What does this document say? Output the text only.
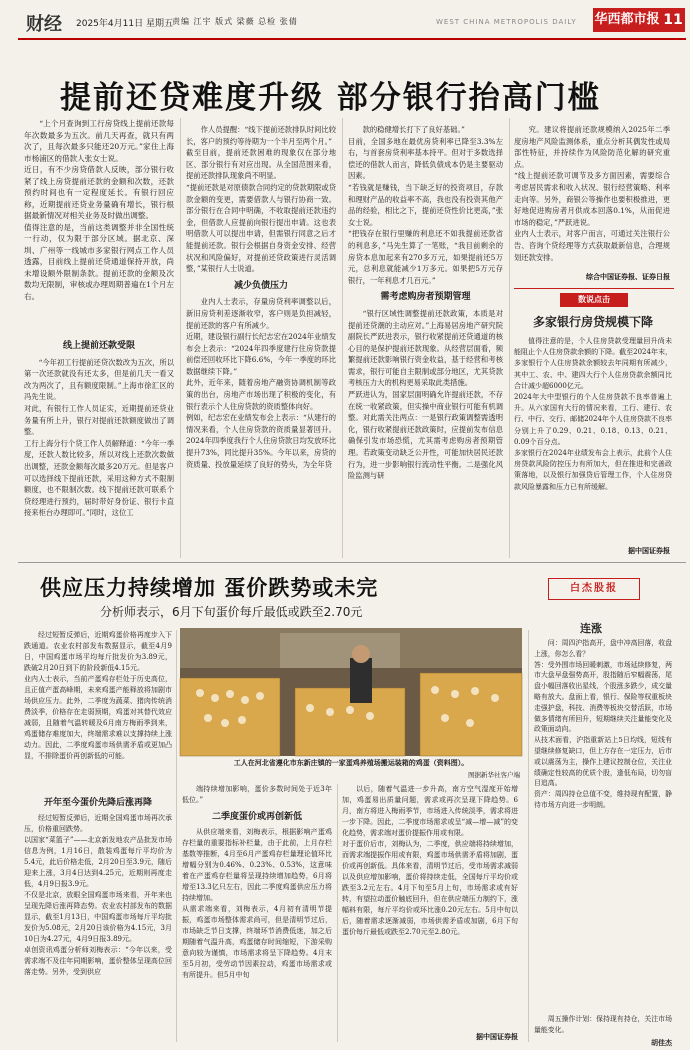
财经 2025年4月11日 星期五 责编 江宇 版式 梁薇 总检 张倩	WEST CHINA METROPOLIS DAILY 华西都市报 11
提前还贷难度升级 部分银行抬高门槛

“上个月查询到工行房贷线上提前还款每年次数最多为五次。前几天再查，就只有两次了，且每次最多只能还20万元。”家住上海市杨浦区的借款人张女士说。
近日，有不少房贷借款人反映，部分银行收紧了线上房贷提前还款的金额和次数，还款预约时间也有一定程度延长。有银行回应称，近期提前还贷业务量确有增长，银行根据最新情况对相关业务及时做出调整。
值得注意的是，当前这类调整并非全国性统一行动，仅为限于部分区域。据北京、深圳、广州等一线城市多家银行网点工作人员透露，目前线上提前还贷通道保持开放，尚未增设额外限制条款。提前还款的金额及次数均无限制，审核或办理周期普遍在1个月左右。

线上提前还款受限

“今年初工行提前还贷次数改为五次，所以第一次还款就没有还太多，但是前几天一看又改为两次了，且有额度限制。”上海市徐汇区的冯先生说。
对此，有银行工作人员证实，近期提前还贷业务量有所上升，银行对提前还款额度做出了调整。
工行上海分行个贷工作人员解释道：“今年一季度，还款人数比较多，所以对线上还款次数做出调整，还款金额每次最多20万元。但是客户可以选择线下提前还款，采用这种方式不限制额度，也不限制次数。线下提前还款可联系个贷经理进行预约，届时带好身份证、银行卡直接来柜台办理即可。”同时，这位工

作人员提醒：“线下提前还款排队时间比较长，客户的预约等待期为一个半月至两个月。”
截至目前，提前还款困难的现象仅在部分地区、部分银行有对应出现。从全国范围来看，提前还款排队现象尚不明显。
“提前还款是对原债款合同约定的贷款期限或贷款金额的变更，需要借款人与银行协商一致。部分银行在合同中明确，不收取提前还款违约金，但借款人应提前向银行提出申请。这也表明借款人可以提出申请，但需银行同意之后才能提前还款。银行会根据自身资金安排、经营状况和风险偏好，对提前还贷政策进行灵活调整，”某银行人士说道。

减少负债压力

业内人士表示，存量房贷利率调整以后，新旧房贷利差逐渐收窄，客户则是负担减轻，提前还款的客户有所减少。
近期，建设银行副行长纪志宏在2024年业绩发布会上表示：“2024年四季度建行住房贷款提前偿还回收环比下降6.6%，今年一季度的环比数据继续下降。”
此外，近年来，随着房地产融资协调机制等政策的出台，房地产市场出现了积极的变化，有银行表示个人住房贷款的资质整体向好。
例如，纪志宏在业绩发布会上表示：“从建行的情况来看，个人住房贷款的资质量显著回升。2024年四季度我行个人住房贷款日均发放环比提升73%，同比提升35%。今年以来，房贷的资质量、投放量延续了良好的势头，为全年贷

款的稳健增长打下了良好基础。”
目前，全国多地在最优房贷利率已降至3.3%左右，与首套房贷利率基本持平。但对于多数选择偿还的借款人而言，降低负债成本仍是主要驱动因素。
“若钱就是赚钱，当下缺乏好的投资项目，存款和理财产品的收益率不高，我也没有投资其他产品的经验，相比之下，提前还贷性价比更高，”张女士说。
“把钱存在银行里赚的利息还不如我提前还款省的利息多，”马先生算了一笔账，“我目前剩余的房贷本息加起来有270多万元，如果提前还5万元，总利息就能减少1万多元。如果把5万元存银行，一年利息才几百元。”

需考虑购房者预期管理

“银行区域性调整提前还款政策，本质是对提前还贷潮的主动应对。”上海易居房地产研究院副院长严跃进表示，银行收紧提前还贷通道的核心目的是保护提前还款现象。从经营层面看，频繁提前还款影响银行资金收益，基于经营和考核需求，银行可能自主限制或部分地区，尤其贷款考核压力大的机构更易采取此类措施。
严跃进认为，国家层面明确允许提前还款，不存在统一收紧政策，但实操中商业银行可能有机调整。对此需关注两点：一是银行政策调整需透明化，银行收紧提前还款政策时，应提前发布信息确保引发市场恐慌，尤其需考虑购房者预期管理。若政策变动缺乏公开性，可能加快居民还款行为，进一步影响银行流动性平衡。二是强化风险监测与研

究。建议将提前还款规模纳入2025年二季度房地产风险监测体系，重点分析其偶发性或局部性特征，并持续作为风险防范化解的研究重点。
“线上提前还款可调节及多方面因素，需要综合考虑居民需求和收入状况、银行经营策略、利率走向等。另外，商银公等操作也要积极推进，更好地促进购房者月供成本回落0.1%，从而促进市场的稳定，”严跃进说。
业内人士表示，对客户而言，可通过关注银行公告、咨询个贷经理等方式获取最新信息，合理规划还款安排。

综合中国证券报、证券日报
数说点击
多家银行房贷规模下降

值得注意的是，个人住房贷款受理量回升尚未能阻止个人住房贷款余额的下降。截至2024年末，多家银行个人住房贷款余额较去年同期有所减少，其中工、农、中、建四大行个人住房贷款余额同比合计减少超6000亿元。
2024年大中型银行的个人住房贷款不良率普遍上升。从六家国有大行的情况来看，工行、建行、农行、中行、交行、邮储2024年个人住房贷款不良率分别上升了0.29、0.21、0.18、0.13、0.21、0.09个百分点。
多家银行在2024年业绩发布会上表示，此前个人住房贷款风险防控压力有所加大，但在推进和完善政策落地，以及银行加强贷后管理工作，个人住房贷款风险暴露和压力已有所缓解。

据中国证券报
供应压力持续增加 蛋价跌势或未完
分析师表示，6月下旬蛋价每斤最低或跌至2.70元
白杰股报
连涨

经过短暂反弹后，近期鸡蛋价格再度步入下跌通道。农业农村部发布数据显示，截至4月9日，中国鸡蛋市场平均每斤批发价为3.89元，跌破2月20日到下的阶段新低4.15元。
业内人士表示，当前产蛋鸡存栏处于历史高位，且正值产蛋高峰期，未来鸡蛋产能释放将加剧市场供应压力。此外，二季度为蔬菜、猪肉传统消费淡季，价格存在走弱预期，鸡蛋对其替代效应减弱，且随着气温转暖及6月南方梅雨季到来，鸡蛋储存难度加大，终端需求难以支撑持续上涨动力。因此，二季度鸡蛋市场供需矛盾或更加凸显，不排除蛋价再创新低的可能。

工人在河北省遵化市东新庄镇的一家蛋鸡养殖场搬运装箱的鸡蛋（资料图）。
图据新华社客户端
开年至今蛋价先降后涨再降

经过短暂反弹后，近期全国鸡蛋市场再次承压，价格重回跌势。
以国家“菜篮子”——北京新发地农产品批发市场信息为例，1月16日，散装鸡蛋每斤平均价为5.4元，此后价格走低，2月20日至3.9元，随后迎来上涨，3月4日达到4.25元，近期则再度走低，4月9日报3.9元。
不仅是北京，放眼全国鸡蛋市场来看，开年来也呈现先降后涨再降态势。农业农村部发布的数据显示，截至1月13日，中国鸡蛋市场每斤平均批发价为5.08元，2月20日该价格为4.15元，3月10日为4.27元，4月9日报3.89元。
卓创资讯鸡蛋分析师刘梅表示：“今年以来，受需求端不及往年同期影响，蛋价整体呈现高位回落走势。另外，受到供应

端持续增加影响，蛋价多数时间处于近3年低位。”

二季度蛋价或再创新低

从供应端来看，刘梅表示，根据影响产蛋鸡存栏量的重要指标补栏量，由于此前，上月存栏基数等推断，4月至6月产蛋鸡存栏量理论值环比增幅分别为0.46%、0.23%、0.53%，这意味着在产蛋鸡存栏量将呈现持续增加趋势，6月将增至13.3亿只左右，因此二季度鸡蛋供应压力将持续增加。
从需求端来看，刘梅表示，4月初有清明节提振，鸡蛋市场整体需求尚可，但是清明节过后，市场缺乏节日支撑，终端环节消费低迷，加之后期随着气温升高，鸡蛋储存时间缩短，下游采购意向较为谨慎，市场需求将呈下降趋势。4月末至5月初，受劳动节因素拉动，鸡蛋市场需求或有所提升。但5月中旬

以后，随着气温进一步升高，南方空气湿度开始增加，鸡蛋易出质量问题，需求或再次呈现下降趋势。6月，南方将进入梅雨季节，市场进入传统淡季，需求将进一步下降。因此，二季度市场需求或呈“减—增—减”的变化趋势，需求端对蛋价提振作用或有限。
对于蛋价后市，刘梅认为，二季度，供应端将持续增加，而需求端提振作用或有限，鸡蛋市场供需矛盾将加剧，蛋价或再创新低。具体来看，清明节过后，受市场需求减弱以及供应增加影响，蛋价将持续走低，全国每斤平均价或跌至3.2元左右。4月下旬至5月上旬，市场需求或有好转，有望拉动蛋价触底回升，但在供应端压力制约下，涨幅料有限，每斤平均价或环比涨0.20元左右。5月中旬以后，随着需求逐渐减弱，市场供需矛盾或加剧，6月下旬蛋价每斤最低或跌至2.70元至2.80元。

据中国证券报

问：周四沪指高开，盘中冲高回落，收盘上涨，你怎么看？
答：受外围市场回暖刺激，市场延续修复，两市大盘早盘强势高开，股指随后窄幅震荡，尾盘小幅回落收出星线，个股涨多跌少，成交量略有放大。盘面上看，银行、保险等权重板块走强护盘，科技、消费等板块交替活跃，市场做多情绪有所回升，短期继续关注量能变化及政策面动向。
从技术面看，沪指重新站上5日均线，短线有望继续修复缺口，但上方存在一定压力，后市或以震荡为主，操作上建议控制仓位，关注业绩确定性较高的优质个股，逢低布局，切勿盲目追高。
资产：周四持仓总值不变，维持现有配置，静待市场方向进一步明朗。

周五操作计划：保持现有持仓，关注市场量能变化。

胡佳杰
